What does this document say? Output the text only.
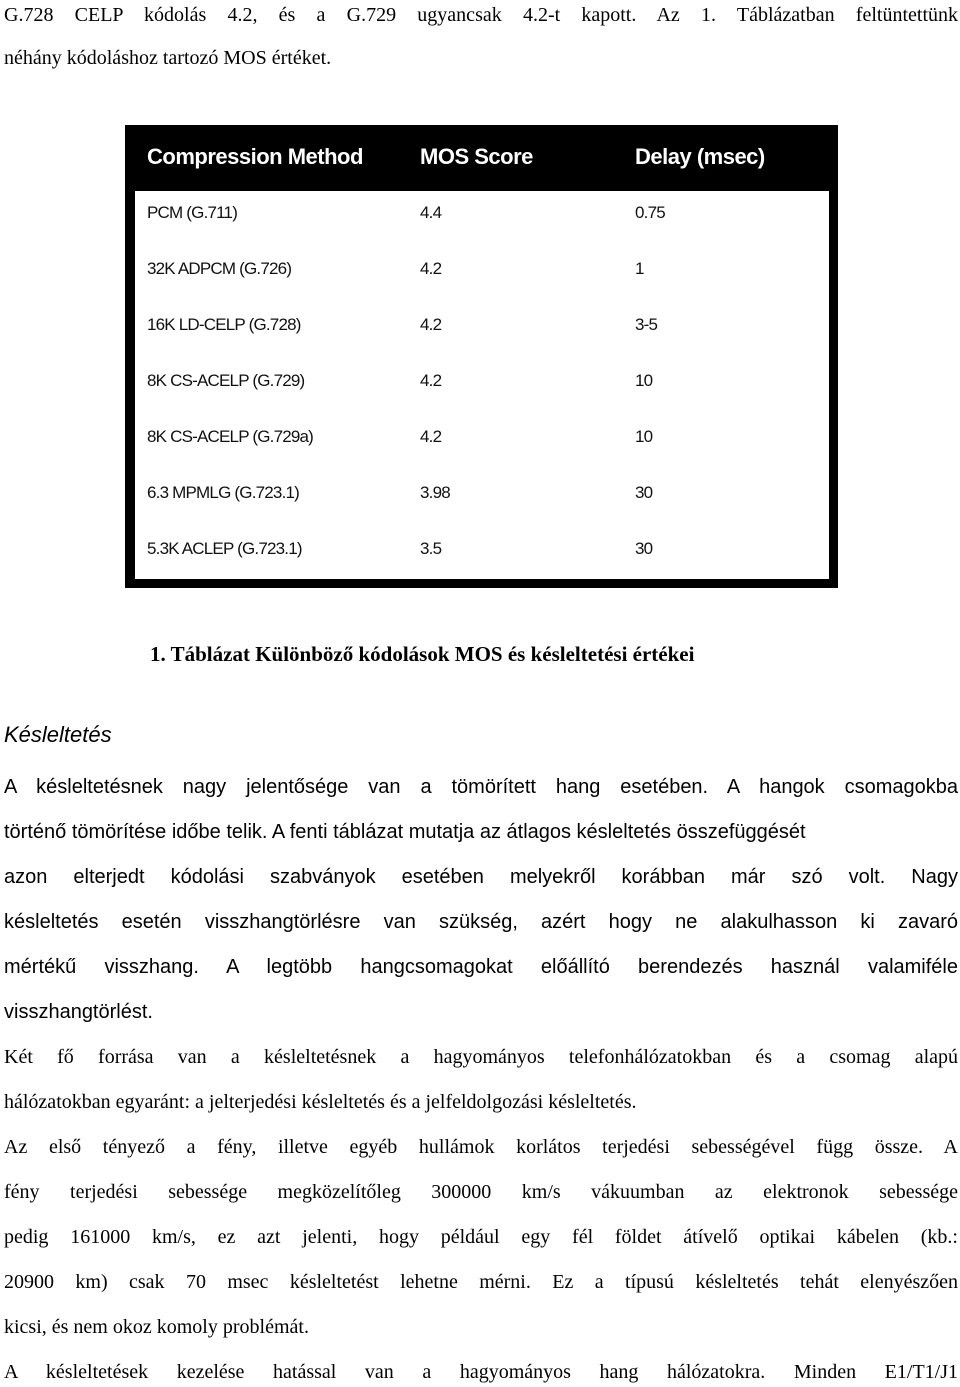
G.728 CELP kódolás 4.2, és a G.729 ugyancsak 4.2-t kapott. Az 1. Táblázatban feltüntettünk
néhány kódoláshoz tartozó MOS értéket.
Compression Method	MOS Score	Delay (msec)
PCM (G.711)	4.4	0.75
32K ADPCM (G.726)	4.2	1
16K LD-CELP (G.728)	4.2	3-5
8K CS-ACELP (G.729)	4.2	10
8K CS-ACELP (G.729a)	4.2	10
6.3 MPMLG (G.723.1)	3.98	30
5.3K ACLEP (G.723.1)	3.5	30
1. Táblázat Különböző kódolások MOS és késleltetési értékei
Késleltetés
A késleltetésnek nagy jelentősége van a tömörített hang esetében. A hangok csomagokba
történő tömörítése időbe telik. A fenti táblázat mutatja az átlagos késleltetés összefüggését
azon elterjedt kódolási szabványok esetében melyekről korábban már szó volt. Nagy
késleltetés esetén visszhangtörlésre van szükség, azért hogy ne alakulhasson ki zavaró
mértékű visszhang. A legtöbb hangcsomagokat előállító berendezés használ valamiféle
visszhangtörlést.
Két fő forrása van a késleltetésnek a hagyományos telefonhálózatokban és a csomag alapú
hálózatokban egyaránt: a jelterjedési késleltetés és a jelfeldolgozási késleltetés.
Az első tényező a fény, illetve egyéb hullámok korlátos terjedési sebességével függ össze. A
fény terjedési sebessége megközelítőleg 300000 km/s vákuumban az elektronok sebessége
pedig 161000 km/s, ez azt jelenti, hogy például egy fél földet átívelő optikai kábelen (kb.:
20900 km) csak 70 msec késleltetést lehetne mérni. Ez a típusú késleltetés tehát elenyészően
kicsi, és nem okoz komoly problémát.
A késleltetések kezelése hatással van a hagyományos hang hálózatokra. Minden E1/T1/J1
